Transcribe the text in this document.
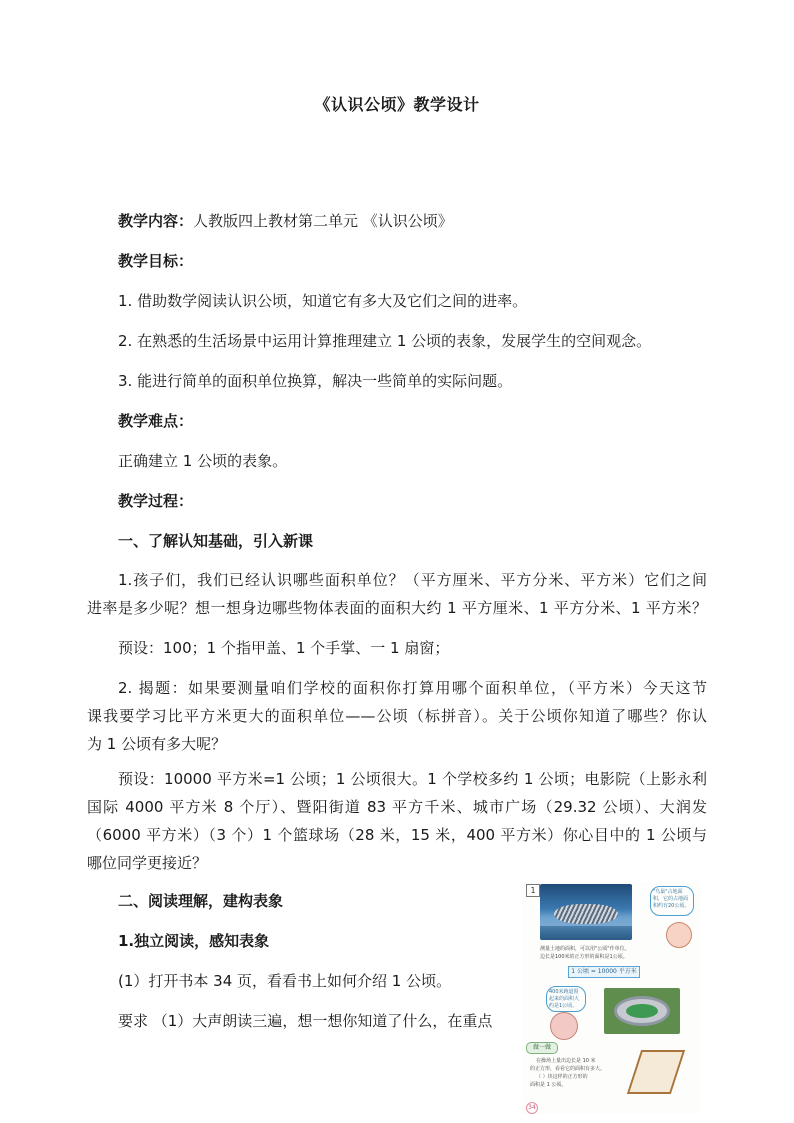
《认识公顷》教学设计
教学内容：人教版四上教材第二单元 《认识公顷》
教学目标：
1. 借助数学阅读认识公顷，知道它有多大及它们之间的进率。
2. 在熟悉的生活场景中运用计算推理建立 1 公顷的表象，发展学生的空间观念。
3. 能进行简单的面积单位换算，解决一些简单的实际问题。
教学难点：
正确建立 1 公顷的表象。
教学过程：
一、了解认知基础，引入新课
1.孩子们，我们已经认识哪些面积单位？（平方厘米、平方分米、平方米）它们之间
进率是多少呢？想一想身边哪些物体表面的面积大约 1 平方厘米、1 平方分米、1 平方米？
预设：100；1 个指甲盖、1 个手掌、一 1 扇窗；
2. 揭题：如果要测量咱们学校的面积你打算用哪个面积单位，（平方米）今天这节
课我要学习比平方米更大的面积单位——公顷（标拼音）。关于公顷你知道了哪些？你认
为 1 公顷有多大呢？
预设：10000 平方米=1 公顷；1 公顷很大。1 个学校多约 1 公顷；电影院（上影永利
国际 4000 平方米 8 个厅）、暨阳街道 83 平方千米、城市广场（29.32 公顷）、大润发
（6000 平方米）（3 个）1 个篮球场（28 米，15 米，400 平方米）你心目中的 1 公顷与
哪位同学更接近？
二、阅读理解，建构表象
1.独立阅读，感知表象
(1）打开书本 34 页，看看书上如何介绍 1 公顷。
要求 （1）大声朗读三遍，想一想你知道了什么，在重点
1	"鸟巢"占地面积，它的占地面积约有20公顷。
测量土地的面积，可以用"公顷"作单位。
边长是100米的正方形的面积是1公顷。
1 公顷 = 10000 平方米
400米跑道围起来的面积大约是1公顷。
做一做
在操场上量出边长是 10 米
的正方形，看看它的面积有多大。
（ ）块这样的正方形的
面积是 1 公顷。
34
